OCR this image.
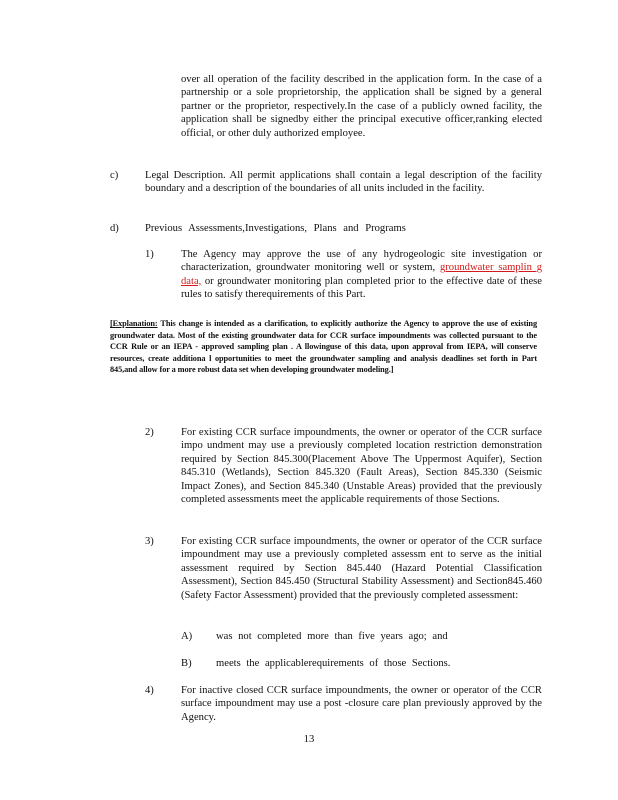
over all operation of the facility described in the application form. In the case of a partnership or a sole proprietorship, the application shall be signed by a general partner or the proprietor, respectively.In the case of a publicly owned facility, the application shall be signedby either the principal executive officer,ranking elected official, or other duly authorized employee.
c)	Legal Description. All permit applications shall contain a legal description of the facility boundary and a description of the boundaries of all units included in the facility.
d) Previous Assessments,Investigations, Plans and Programs
1)	The Agency may approve the use of any hydrogeologic site investigation or characterization, groundwater monitoring well or system, groundwater samplin g data, or groundwater monitoring plan completed prior to the effective date of these rules to satisfy therequirements of this Part.
[Explanation: This change is intended as a clarification, to explicitly authorize the Agency to approve the use of existing groundwater data. Most of the existing groundwater data for CCR surface impoundments was collected pursuant to the CCR Rule or an IEPA - approved sampling plan . A llowinguse of this data, upon approval from IEPA, will conserve resources, create additiona l opportunities to meet the groundwater sampling and analysis deadlines set forth in Part 845,and allow for a more robust data set when developing groundwater modeling.]
2)	For existing CCR surface impoundments, the owner or operator of the CCR surface impo undment may use a previously completed location restriction demonstration required by Section 845.300(Placement Above The Uppermost Aquifer), Section 845.310 (Wetlands), Section 845.320 (Fault Areas), Section 845.330 (Seismic Impact Zones), and Section 845.340 (Unstable Areas) provided that the previously completed assessments meet the applicable requirements of those Sections.
3)	For existing CCR surface impoundments, the owner or operator of the CCR surface impoundment may use a previously completed assessm ent to serve as the initial assessment required by Section 845.440 (Hazard Potential Classification Assessment), Section 845.450 (Structural Stability Assessment) and Section845.460 (Safety Factor Assessment) provided that the previously completed assessment:
A) was not completed more than five years ago; and
B) meets the applicablerequirements of those Sections.
4)	For inactive closed CCR surface impoundments, the owner or operator of the CCR surface impoundment may use a post -closure care plan previously approved by the Agency.
13
